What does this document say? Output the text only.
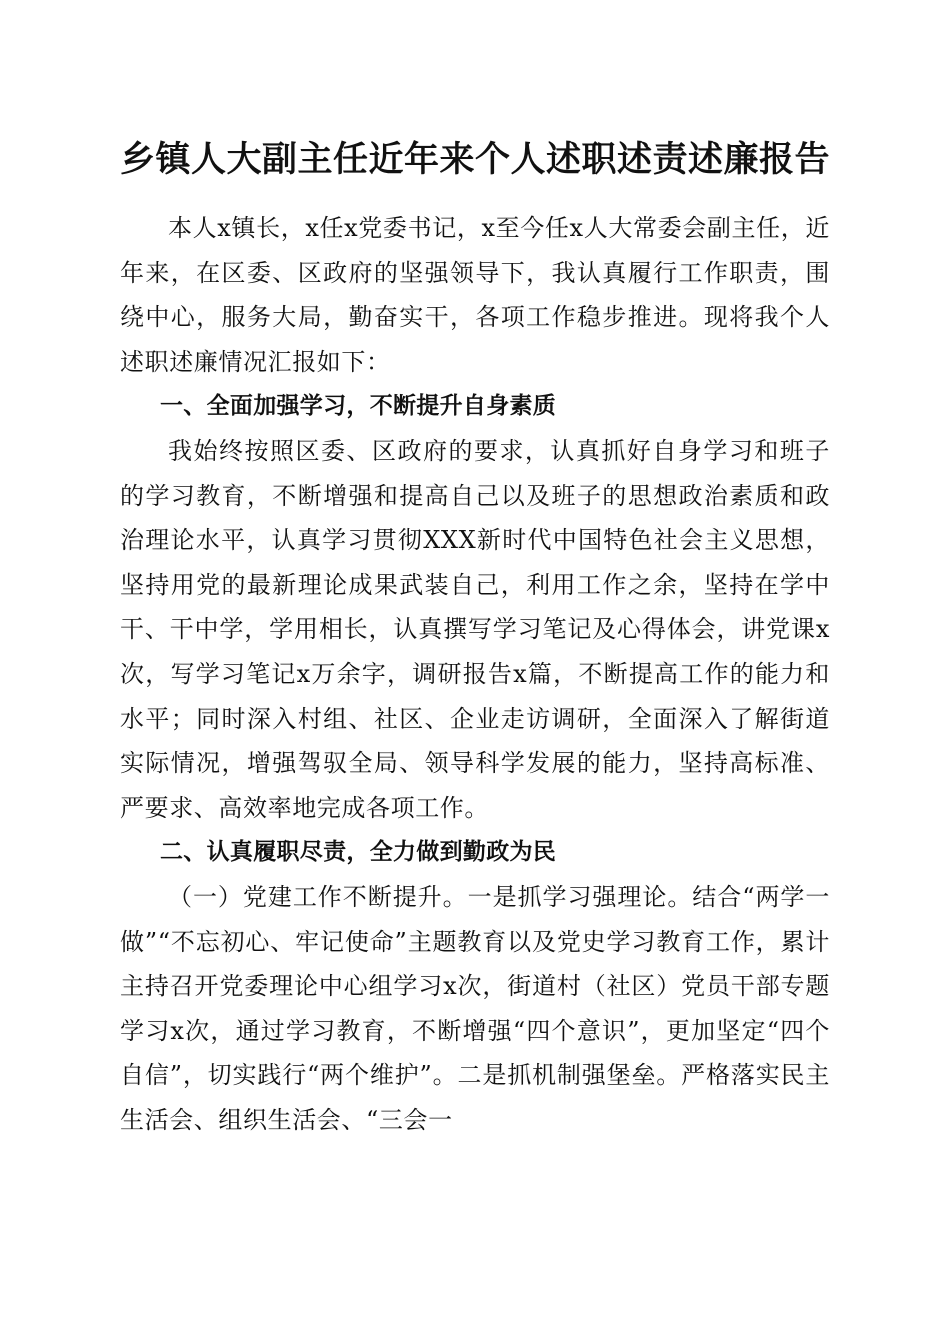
乡镇人大副主任近年来个人述职述责述廉报告

本人x镇长，x任x党委书记，x至今任x人大常委会副主任，近年来，在区委、区政府的坚强领导下，我认真履行工作职责，围绕中心，服务大局，勤奋实干，各项工作稳步推进。现将我个人述职述廉情况汇报如下：

一、全面加强学习，不断提升自身素质

我始终按照区委、区政府的要求，认真抓好自身学习和班子的学习教育，不断增强和提高自己以及班子的思想政治素质和政治理论水平，认真学习贯彻XXX新时代中国特色社会主义思想，坚持用党的最新理论成果武装自己，利用工作之余，坚持在学中干、干中学，学用相长，认真撰写学习笔记及心得体会，讲党课x次，写学习笔记x万余字，调研报告x篇，不断提高工作的能力和水平；同时深入村组、社区、企业走访调研，全面深入了解街道实际情况，增强驾驭全局、领导科学发展的能力，坚持高标准、严要求、高效率地完成各项工作。

二、认真履职尽责，全力做到勤政为民

（一）党建工作不断提升。一是抓学习强理论。结合“两学一做”“不忘初心、牢记使命”主题教育以及党史学习教育工作，累计主持召开党委理论中心组学习x次，街道村（社区）党员干部专题学习x次，通过学习教育，不断增强“四个意识”，更加坚定“四个自信”，切实践行“两个维护”。二是抓机制强堡垒。严格落实民主生活会、组织生活会、“三会一
